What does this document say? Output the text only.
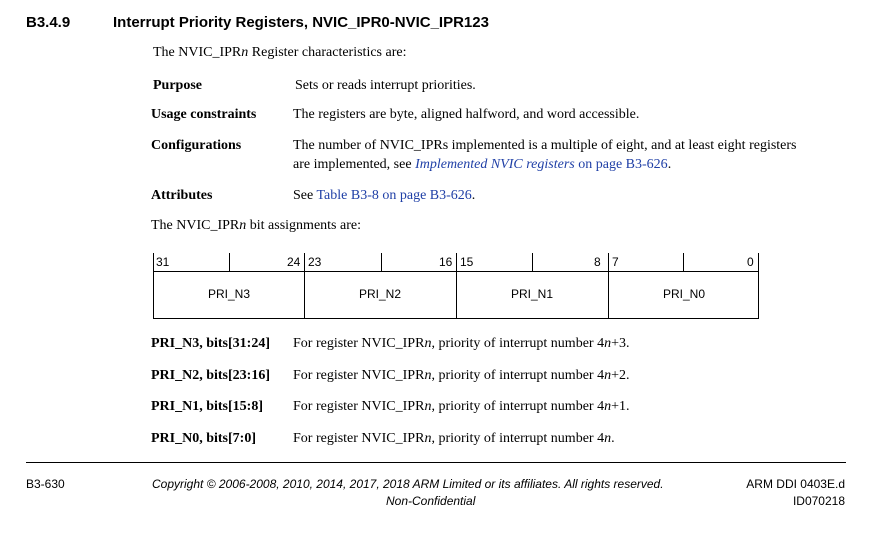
B3.4.9	Interrupt Priority Registers, NVIC_IPR0-NVIC_IPR123
The NVIC_IPRn Register characteristics are:
Purpose	Sets or reads interrupt priorities.
Usage constraints	The registers are byte, aligned halfword, and word accessible.
Configurations	The number of NVIC_IPRs implemented is a multiple of eight, and at least eight registers
are implemented, see Implemented NVIC registers on page B3-626.
Attributes	See Table B3-8 on page B3-626.
The NVIC_IPRn bit assignments are:
31	24 23	16 15	8 7	0
PRI_N3	PRI_N2	PRI_N1	PRI_N0
PRI_N3, bits[31:24] For register NVIC_IPRn, priority of interrupt number 4n+3.
PRI_N2, bits[23:16] For register NVIC_IPRn, priority of interrupt number 4n+2.
PRI_N1, bits[15:8] For register NVIC_IPRn, priority of interrupt number 4n+1.
PRI_N0, bits[7:0]	For register NVIC_IPRn, priority of interrupt number 4n.
B3-630	Copyright © 2006-2008, 2010, 2014, 2017, 2018 ARM Limited or its affiliates. All rights reserved.
Non-Confidential
ARM DDI 0403E.d
ID070218
